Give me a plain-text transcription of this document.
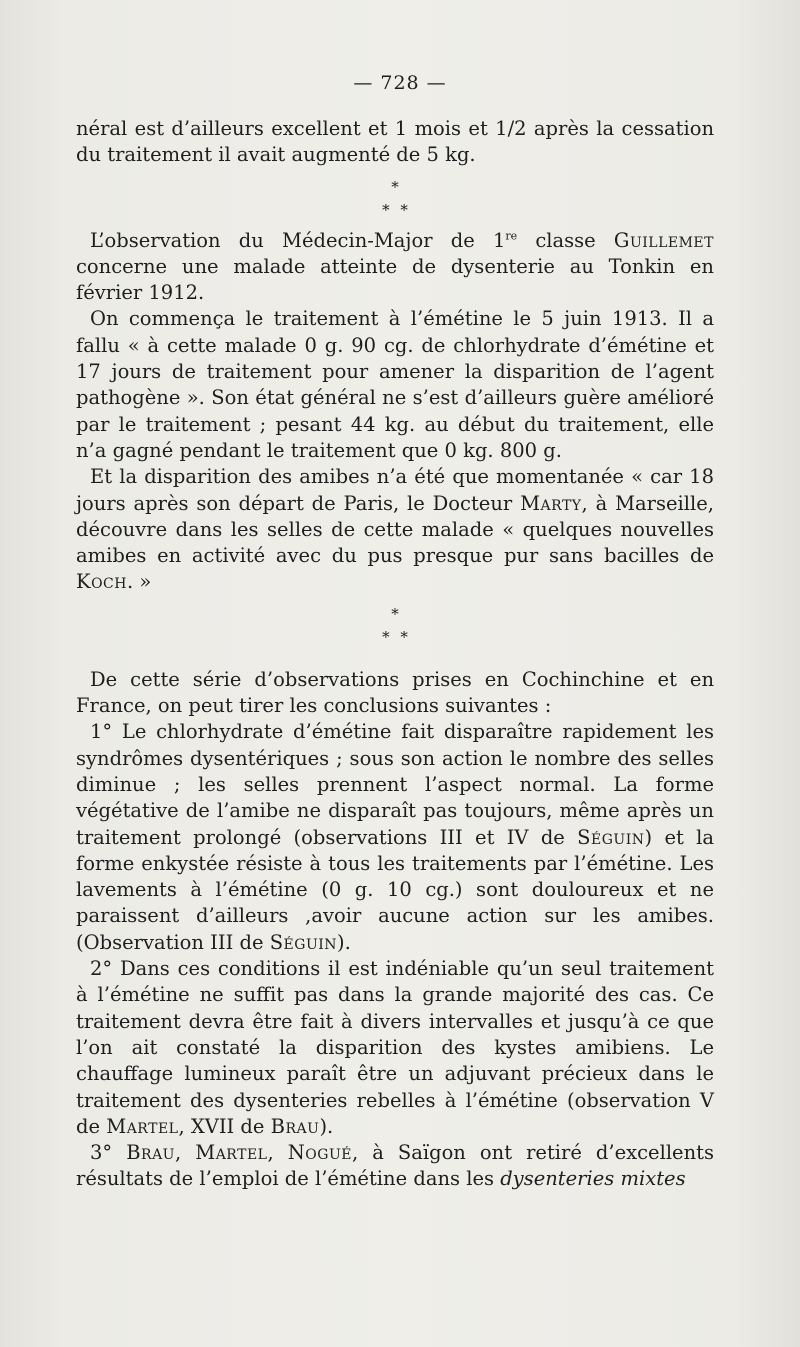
— 728 —

néral est d’ailleurs excellent et 1 mois et 1/2 après la cessation du traitement il avait augmenté de 5 kg.

*
* *

L’observation du Médecin-Major de 1re classe Guillemet concerne une malade atteinte de dysenterie au Tonkin en février 1912.

On commença le traitement à l’émétine le 5 juin 1913. Il a fallu « à cette malade 0 g. 90 cg. de chlorhydrate d’émétine et 17 jours de traitement pour amener la disparition de l’agent pathogène ». Son état général ne s’est d’ailleurs guère amélioré par le traitement ; pesant 44 kg. au début du traitement, elle n’a gagné pendant le traitement que 0 kg. 800 g.

Et la disparition des amibes n’a été que momentanée « car 18 jours après son départ de Paris, le Docteur Marty, à Marseille, découvre dans les selles de cette malade « quelques nouvelles amibes en activité avec du pus presque pur sans bacilles de Koch. »

*
* *

De cette série d’observations prises en Cochinchine et en France, on peut tirer les conclusions suivantes :

1° Le chlorhydrate d’émétine fait disparaître rapidement les syndrômes dysentériques ; sous son action le nombre des selles diminue ; les selles prennent l’aspect normal. La forme végétative de l’amibe ne disparaît pas toujours, même après un traitement prolongé (observations III et IV de Séguin) et la forme enkystée résiste à tous les traitements par l’émétine. Les lavements à l’émétine (0 g. 10 cg.) sont douloureux et ne paraissent d’ailleurs ,avoir aucune action sur les amibes. (Observation III de Séguin).

2° Dans ces conditions il est indéniable qu’un seul traitement à l’émétine ne suffit pas dans la grande majorité des cas. Ce traitement devra être fait à divers intervalles et jusqu’à ce que l’on ait constaté la disparition des kystes amibiens. Le chauffage lumineux paraît être un adjuvant précieux dans le traitement des dysenteries rebelles à l’émétine (observation V de Martel, XVII de Brau).

3° Brau, Martel, Nogué, à Saïgon ont retiré d’excellents résultats de l’emploi de l’émétine dans les dysenteries mixtes
